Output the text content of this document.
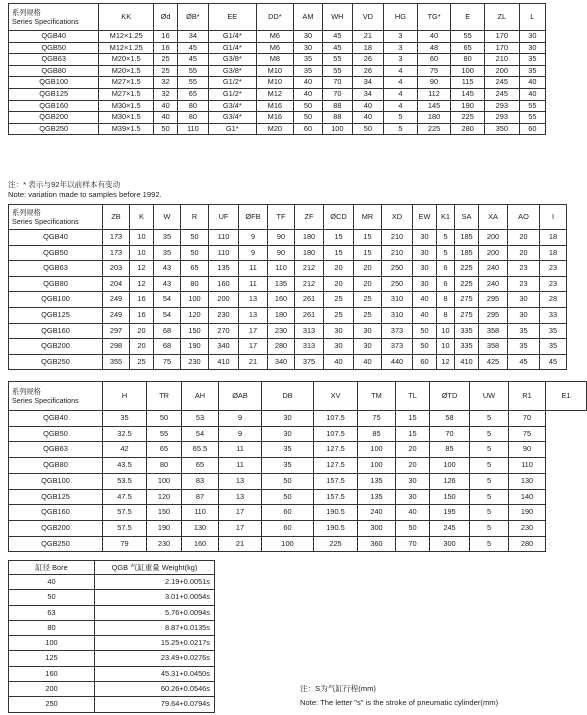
系列规格
Series Specifications	KK	Ød	ØB*	EE	DD*	AM	WH	VD	HG	TG*	E	ZL	L
QGB40	M12×1.25	16	34	G1/4*	M6	30	45	21	3	40	55	170	30
QGB50	M12×1.25	16	45	G1/4*	M6	30	45	18	3	48	65	170	30
QGB63	M20×1.5	25	45	G3/8*	M8	35	55	26	3	60	80	210	35
QGB80	M20×1.5	25	55	G3/8*	M10	35	55	26	4	75	100	200	35
QGB100	M27×1.5	32	55	G1/2*	M10	40	70	34	4	90	115	245	40
QGB125	M27×1.5	32	65	G1/2*	M12	40	70	34	4	112	145	245	40
QGB160	M30×1.5	40	80	G3/4*	M16	50	88	40	4	145	190	293	55
QGB200	M30×1.5	40	80	G3/4*	M16	50	88	40	5	180	225	293	55
QGB250	M39×1.5	50	110	G1*	M20	60	100	50	5	225	280	350	60
注：* 表示与92年以前样本有变动
Note: variation made to samples before 1992.
系列规格
Series Specifications	ZB	K	W	R	UF	ØFB	TF	ZF	ØCD	MR	XD	EW	K1	SA	XA	AO	I
QGB40	173	10	35	50	110	9	90	180	15	15	210	30	5	185	200	20	18
QGB50	173	10	35	50	110	9	90	180	15	15	210	30	5	185	200	20	18
QGB63	203	12	43	65	135	11	110	212	20	20	250	30	6	225	240	23	23
QGB80	204	12	43	80	160	11	135	212	20	20	250	30	6	225	240	23	23
QGB100	249	16	54	100	200	13	160	261	25	25	310	40	8	275	295	30	28
QGB125	249	16	54	120	230	13	180	261	25	25	310	40	8	275	295	30	33
QGB160	297	20	68	150	270	17	230	313	30	30	373	50	10	335	358	35	35
QGB200	298	20	68	190	340	17	280	313	30	30	373	50	10	335	358	35	35
QGB250	355	25	75	230	410	21	340	375	40	40	440	60	12	410	425	45	45
系列规格
Series Specifications	H	TR	AH	ØAB	DB	XV	TM	TL	ØTD	UW	R1	E1
QGB40	35	50	53	9	30	107.5	75	15	58	5	70	
QGB50	32.5	55	54	9	30	107.5	85	15	70	5	75	
QGB63	42	65	65.5	11	35	127.5	100	20	85	5	90	
QGB80	43.5	80	65	11	35	127.5	100	20	100	5	110	
QGB100	53.5	100	83	13	50	157.5	135	30	126	5	130	
QGB125	47.5	120	87	13	50	157.5	135	30	150	5	140	
QGB160	57.5	150	110	17	60	190.5	240	40	195	5	190	
QGB200	57.5	190	130	17	60	190.5	300	50	245	5	230	
QGB250	79	230	160	21	100	225	360	70	300	5	280	
缸径 Bore	QGB 气缸重量 Weight(kg)
40	2.19+0.0051s
50	3.01+0.0054s
63	5.76+0.0094s
80	8.87+0.0135s
100	15.25+0.0217s
125	23.49+0.0276s
160	45.31+0.0450s
200	60.26+0.0546s
250	79.64+0.0794s
注：S为气缸行程(mm)
Note: The letter "s" is the stroke of pneumatic cylinder(mm)
